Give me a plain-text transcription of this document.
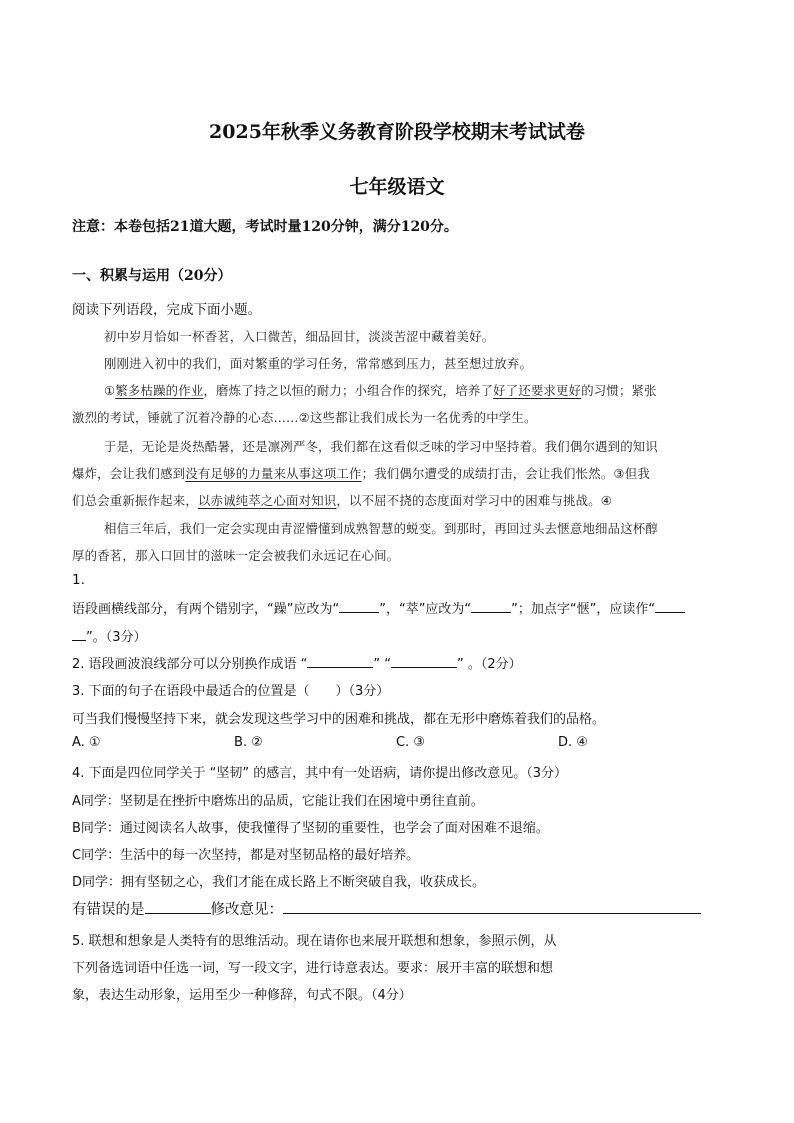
2025年秋季义务教育阶段学校期末考试试卷
七年级语文
注意：本卷包括21道大题，考试时量120分钟，满分120分。
一、积累与运用（20分）
阅读下列语段，完成下面小题。
初中岁月恰如一杯香茗，入口微苦，细品回甘，淡淡苦涩中藏着美好。
刚刚进入初中的我们，面对繁重的学习任务，常常感到压力，甚至想过放弃。
①繁多枯躁的作业，磨炼了持之以恒的耐力；小组合作的探究，培养了好了还要求更好的习惯；紧张
激烈的考试，锤就了沉着冷静的心态……②这些都让我们成长为一名优秀的中学生。
于是，无论是炎热酷暑，还是凛冽严冬，我们都在这看似乏味的学习中坚持着。我们偶尔遇到的知识
爆炸，会让我们感到没有足够的力量来从事这项工作；我们偶尔遭受的成绩打击，会让我们怅然。③但我
们总会重新振作起来，以赤诚纯萃之心面对知识，以不屈不挠的态度面对学习中的困难与挑战。④
相信三年后，我们一定会实现由青涩懵懂到成熟智慧的蜕变。到那时，再回过头去惬意地细品这杯醇
厚的香茗，那入口回甘的滋味一定会被我们永远记在心间。
1.
语段画横线部分，有两个错别字，“躁”应改为“	”，“萃”应改为“	”；加点字“惬”，应读作“
”。（3分）
2. 语段画波浪线部分可以分别换作成语 “	” “	” 。（2分）
3. 下面的句子在语段中最适合的位置是（　　）（3分）
可当我们慢慢坚持下来，就会发现这些学习中的困难和挑战，都在无形中磨炼着我们的品格。
A. ①	B. ②	C. ③	D. ④
4. 下面是四位同学关于 “坚韧” 的感言，其中有一处语病，请你提出修改意见。（3分）
A同学：坚韧是在挫折中磨炼出的品质，它能让我们在困境中勇往直前。
B同学：通过阅读名人故事，使我懂得了坚韧的重要性，也学会了面对困难不退缩。
C同学：生活中的每一次坚持，都是对坚韧品格的最好培养。
D同学：拥有坚韧之心，我们才能在成长路上不断突破自我，收获成长。
有错误的是	修改意见：
5. 联想和想象是人类特有的思维活动。现在请你也来展开联想和想象，参照示例，从
下列备选词语中任选一词，写一段文字，进行诗意表达。要求：展开丰富的联想和想
象，表达生动形象，运用至少一种修辞，句式不限。（4分）
